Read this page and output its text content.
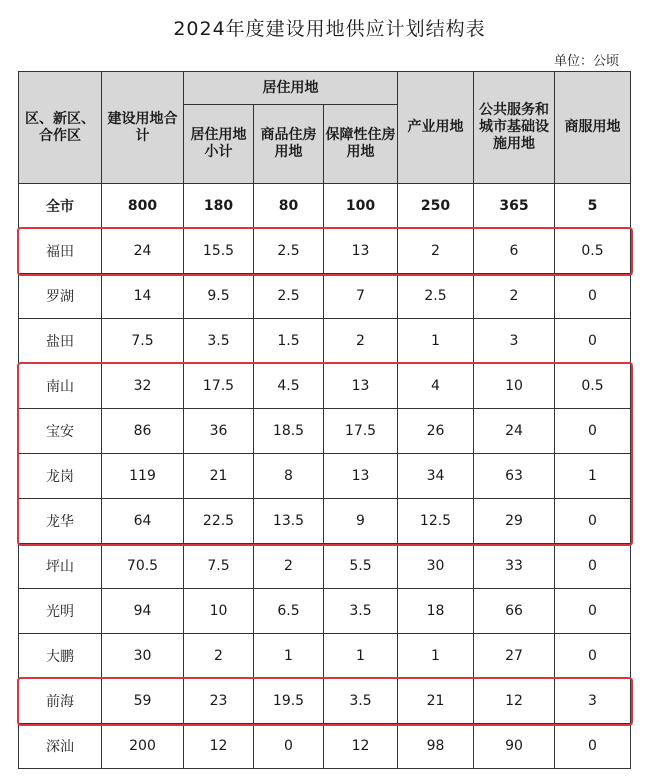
2024年度建设用地供应计划结构表
单位：公顷
区、新区、合作区	建设用地合计	居住用地			产业用地	公共服务和城市基础设施用地	商服用地
		居住用地小计	商品住房用地	保障性住房用地			
全市	800	180	80	100	250	365	5
福田	24	15.5	2.5	13	2	6	0.5
罗湖	14	9.5	2.5	7	2.5	2	0
盐田	7.5	3.5	1.5	2	1	3	0
南山	32	17.5	4.5	13	4	10	0.5
宝安	86	36	18.5	17.5	26	24	0
龙岗	119	21	8	13	34	63	1
龙华	64	22.5	13.5	9	12.5	29	0
坪山	70.5	7.5	2	5.5	30	33	0
光明	94	10	6.5	3.5	18	66	0
大鹏	30	2	1	1	1	27	0
前海	59	23	19.5	3.5	21	12	3
深汕	200	12	0	12	98	90	0
